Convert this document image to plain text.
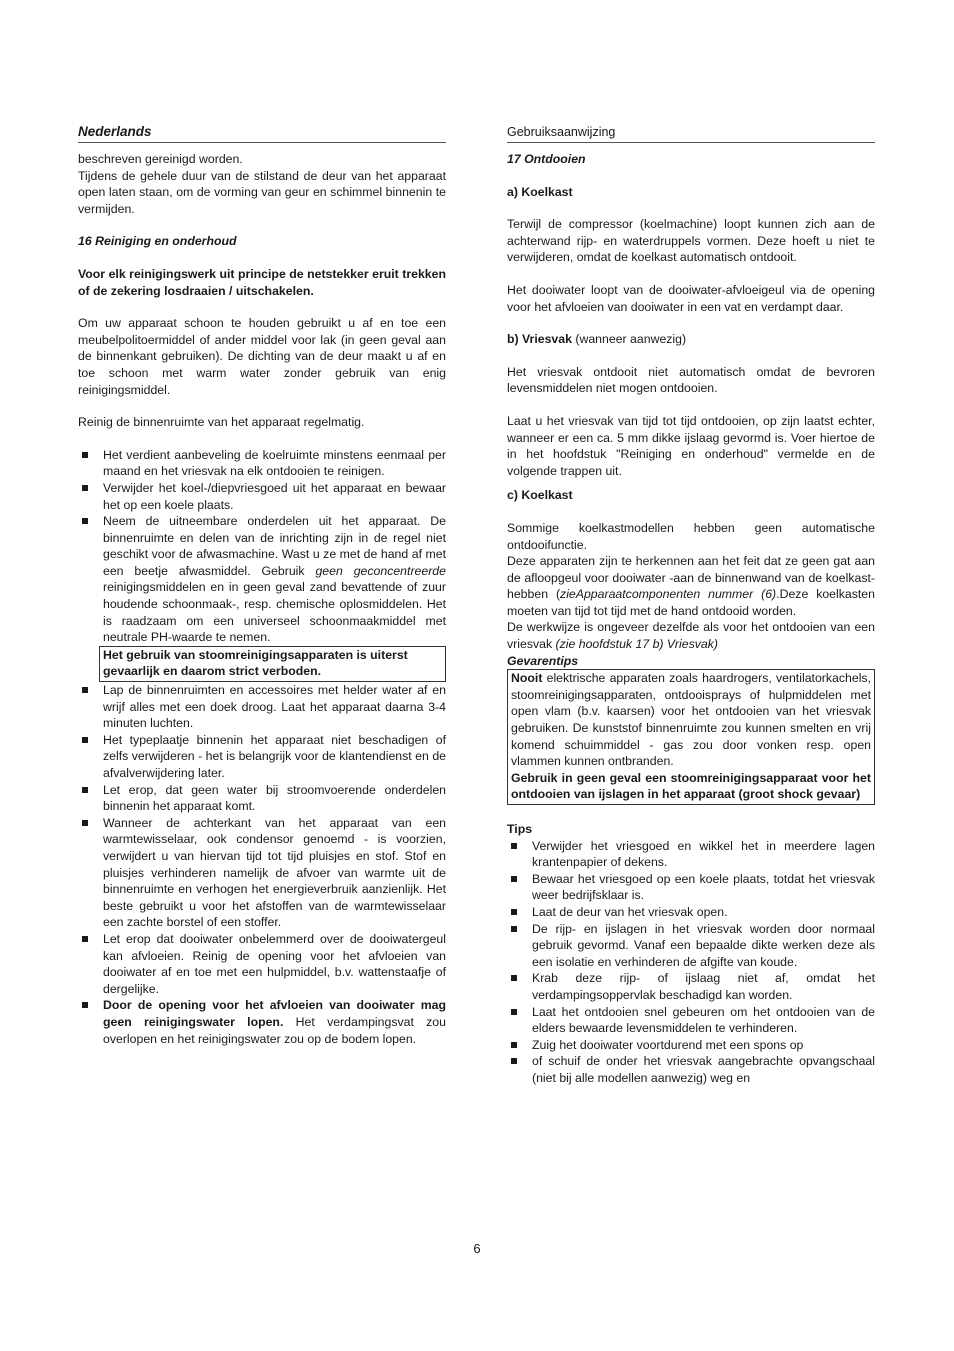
Nederlands

beschreven gereinigd worden.

Tijdens de gehele duur van de stilstand de deur van het apparaat open laten staan, om de vorming van geur en schimmel binnenin te vermijden.

16 Reiniging en onderhoud

Voor elk reinigingswerk uit principe de netstekker eruit trekken of de zekering losdraaien / uitschakelen.

Om uw apparaat schoon te houden gebruikt u af en toe een meubelpolitoermiddel of ander middel voor lak (in geen geval aan de binnenkant gebruiken). De dichting van de deur maakt u af en toe schoon met warm water zonder gebruik van enig reinigingsmiddel.

Reinig de binnenruimte van het apparaat regelmatig.

Het verdient aanbeveling de koelruimte minstens eenmaal per maand en het vriesvak na elk ontdooien te reinigen.
Verwijder het koel-/diepvriesgoed uit het apparaat en bewaar het op een koele plaats.
Neem de uitneembare onderdelen uit het apparaat. De binnenruimte en delen van de inrichting zijn in de regel niet geschikt voor de afwasmachine. Wast u ze met de hand af met een beetje afwasmiddel. Gebruik geen geconcentreerde reinigingsmiddelen en in geen geval zand bevattende of zuur houdende schoonmaak-, resp. chemische oplosmiddelen. Het is raadzaam om een universeel schoonmaakmiddel met neutrale PH-waarde te nemen.
Het gebruik van stoomreinigingsapparaten is uiterst gevaarlijk en daarom strict verboden.
Lap de binnenruimten en accessoires met helder water af en wrijf alles met een doek droog. Laat het apparaat daarna 3-4 minuten luchten.
Het typeplaatje binnenin het apparaat niet beschadigen of zelfs verwijderen - het is belangrijk voor de klantendienst en de afvalverwijdering later.
Let erop, dat geen water bij stroomvoerende onderdelen binnenin het apparaat komt.
Wanneer de achterkant van het apparaat van een warmtewisselaar, ook condensor genoemd - is voorzien, verwijdert u van hiervan tijd tot tijd pluisjes en stof. Stof en pluisjes verhinderen namelijk de afvoer van warmte uit de binnenruimte en verhogen het energieverbruik aanzienlijk. Het beste gebruikt u voor het afstoffen van de warmtewisselaar een zachte borstel of een stoffer.
Let erop dat dooiwater onbelemmerd over de dooiwatergeul kan afvloeien. Reinig de opening voor het afvloeien van dooiwater af en toe met een hulpmiddel, b.v. wattenstaafje of dergelijke.
Door de opening voor het afvloeien van dooiwater mag geen reinigingswater lopen. Het verdampingsvat zou overlopen en het reinigingswater zou op de bodem lopen.
Gebruiksaanwijzing

17 Ontdooien

a) Koelkast

Terwijl de compressor (koelmachine) loopt kunnen zich aan de achterwand rijp- en waterdruppels vormen. Deze hoeft u niet te verwijderen, omdat de koelkast automatisch ontdooit.

Het dooiwater loopt van de dooiwater-afvloeigeul via de opening voor het afvloeien van dooiwater in een vat en verdampt daar.

b) Vriesvak (wanneer aanwezig)

Het vriesvak ontdooit niet automatisch omdat de bevroren levensmiddelen niet mogen ontdooien.

Laat u het vriesvak van tijd tot tijd ontdooien, op zijn laatst echter, wanneer er een ca. 5 mm dikke ijslaag gevormd is. Voer hiertoe de in het hoofdstuk "Reiniging en onderhoud" vermelde en de volgende trappen uit.

c) Koelkast

Sommige koelkastmodellen hebben geen automatische ontdooifunctie.

Deze apparaten zijn te herkennen aan het feit dat ze geen gat aan de afloopgeul voor dooiwater -aan de binnenwand van de koelkast- hebben (zieApparaatcomponenten nummer (6).Deze koelkasten moeten van tijd tot tijd met de hand ontdooid worden.

De werkwijze is ongeveer dezelfde als voor het ontdooien van een vriesvak (zie hoofdstuk 17 b) Vriesvak)

Gevarentips

Nooit elektrische apparaten zoals haardrogers, ventilatorkachels, stoomreinigingsapparaten, ontdooisprays of hulpmiddelen met open vlam (b.v. kaarsen) voor het ontdooien van het vriesvak gebruiken. De kunststof binnenruimte zou kunnen smelten en vrij komend schuimmiddel - gas zou door vonken resp. open vlammen kunnen ontbranden.

Gebruik in geen geval een stoomreinigingsapparaat voor het ontdooien van ijslagen in het apparaat (groot shock gevaar)

Tips

Verwijder het vriesgoed en wikkel het in meerdere lagen krantenpapier of dekens.
Bewaar het vriesgoed op een koele plaats, totdat het vriesvak weer bedrijfsklaar is.
Laat de deur van het vriesvak open.
De rijp- en ijslagen in het vriesvak worden door normaal gebruik gevormd. Vanaf een bepaalde dikte werken deze als een isolatie en verhinderen de afgifte van koude.
Krab deze rijp- of ijslaag niet af, omdat het verdampingsoppervlak beschadigd kan worden.
Laat het ontdooien snel gebeuren om het ontdooien van de elders bewaarde levensmiddelen te verhinderen.
Zuig het dooiwater voortdurend met een spons op
of schuif de onder het vriesvak aangebrachte opvangschaal (niet bij alle modellen aanwezig) weg en
6
